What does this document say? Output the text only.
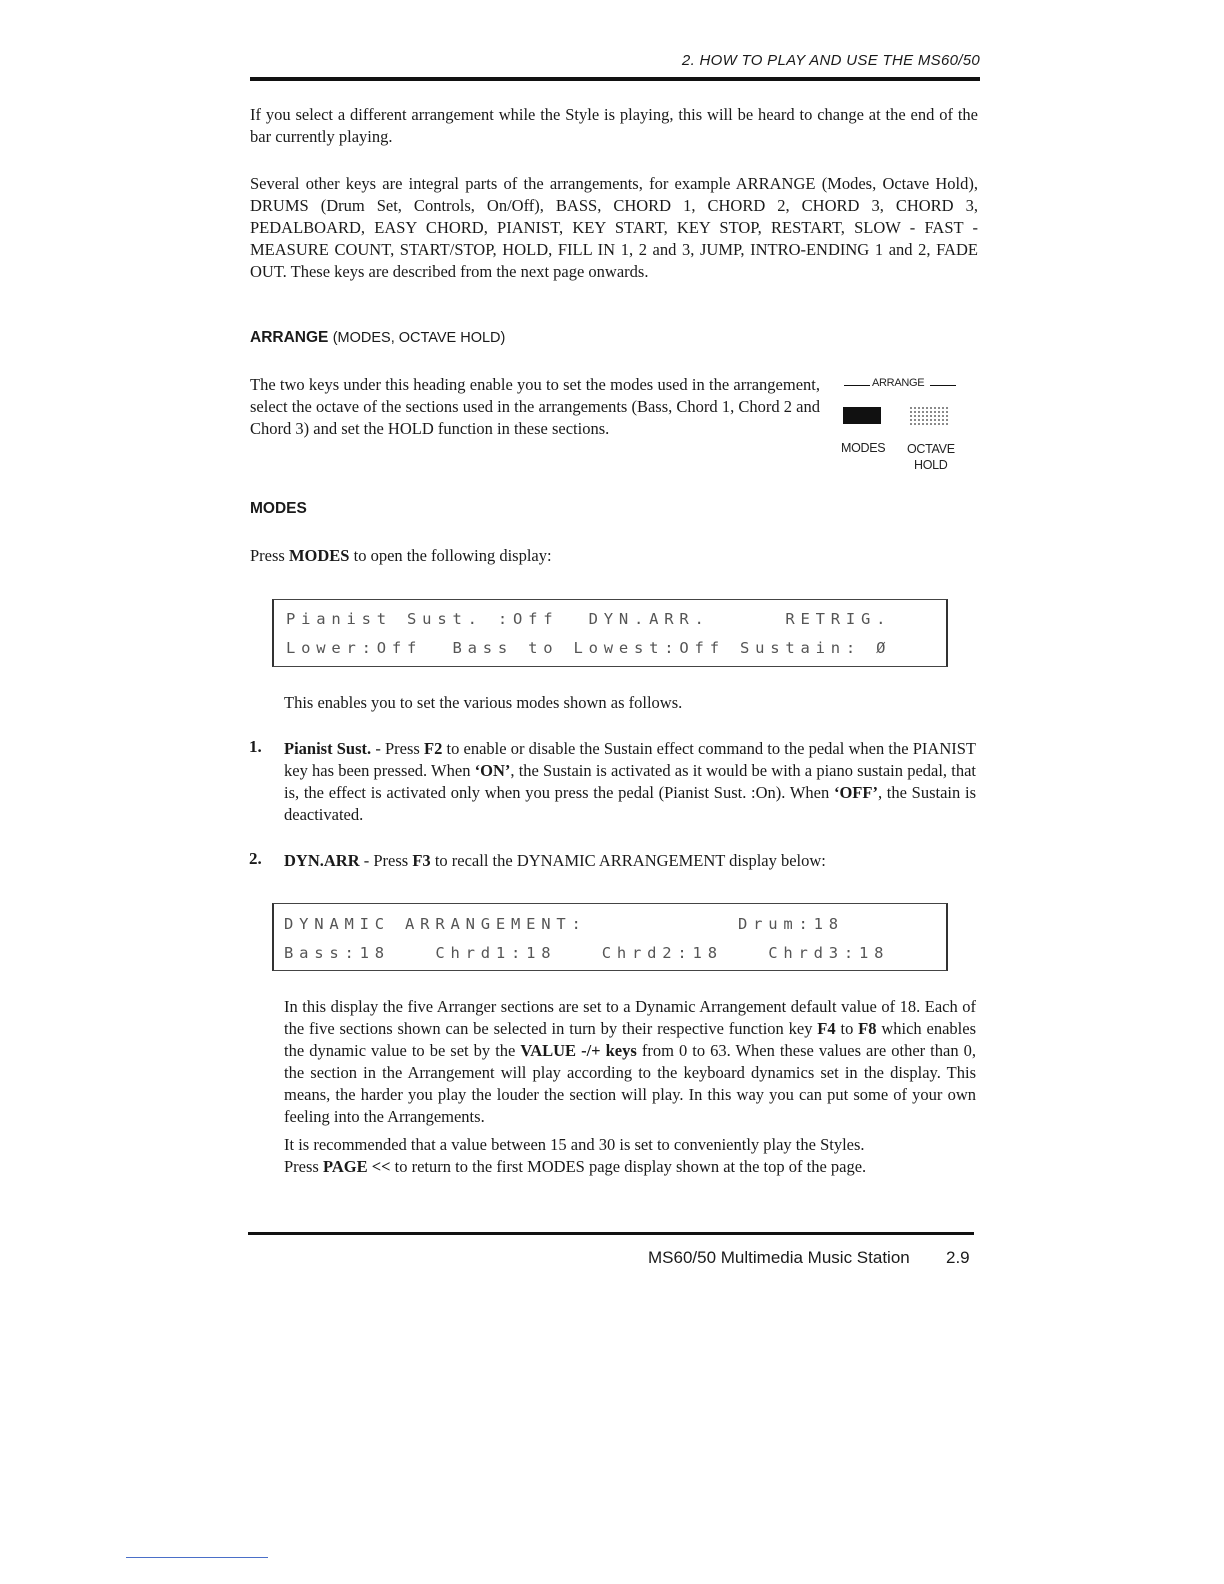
2. HOW TO PLAY AND USE THE MS60/50
If you select a different arrangement while the Style is playing, this will be heard to change at the end of the bar currently playing.
Several other keys are integral parts of the arrangements, for example ARRANGE (Modes, Octave Hold), DRUMS (Drum Set, Controls, On/Off), BASS, CHORD 1, CHORD 2, CHORD 3, CHORD 3, PEDALBOARD, EASY CHORD, PIANIST, KEY START, KEY STOP, RESTART, SLOW - FAST - MEASURE COUNT, START/STOP, HOLD, FILL IN 1, 2 and 3, JUMP, INTRO-ENDING 1 and 2, FADE OUT. These keys are described from the next page onwards.
ARRANGE (MODES, OCTAVE HOLD)
The two keys under this heading enable you to set the modes used in the arrangement, select the octave of the sections used in the arrangements (Bass, Chord 1, Chord 2 and Chord 3) and set the HOLD function in these sections.
ARRANGE
MODES OCTAVE
HOLD
MODES
Press MODES to open the following display:
Pianist Sust. :Off  DYN.ARR.     RETRIG.
Lower:Off  Bass to Lowest:Off Sustain: Ø
This enables you to set the various modes shown as follows.
1. Pianist Sust. - Press F2 to enable or disable the Sustain effect command to the pedal when the PIANIST key has been pressed. When ‘ON’, the Sustain is activated as it would be with a piano sustain pedal, that is, the effect is activated only when you press the pedal (Pianist Sust. :On). When ‘OFF’, the Sustain is deactivated.
2. DYN.ARR - Press F3 to recall the DYNAMIC ARRANGEMENT display below:
DYNAMIC ARRANGEMENT:          Drum:18
Bass:18   Chrd1:18   Chrd2:18   Chrd3:18
In this display the five Arranger sections are set to a Dynamic Arrangement default value of 18. Each of the five sections shown can be selected in turn by their respective function key F4 to F8 which enables the dynamic value to be set by the VALUE -/+ keys from 0 to 63. When these values are other than 0, the section in the Arrangement will play according to the keyboard dynamics set in the display. This means, the harder you play the louder the section will play. In this way you can put some of your own feeling into the Arrangements.
It is recommended that a value between 15 and 30 is set to conveniently play the Styles.
Press PAGE << to return to the first MODES page display shown at the top of the page.
MS60/50 Multimedia Music Station 2.9
